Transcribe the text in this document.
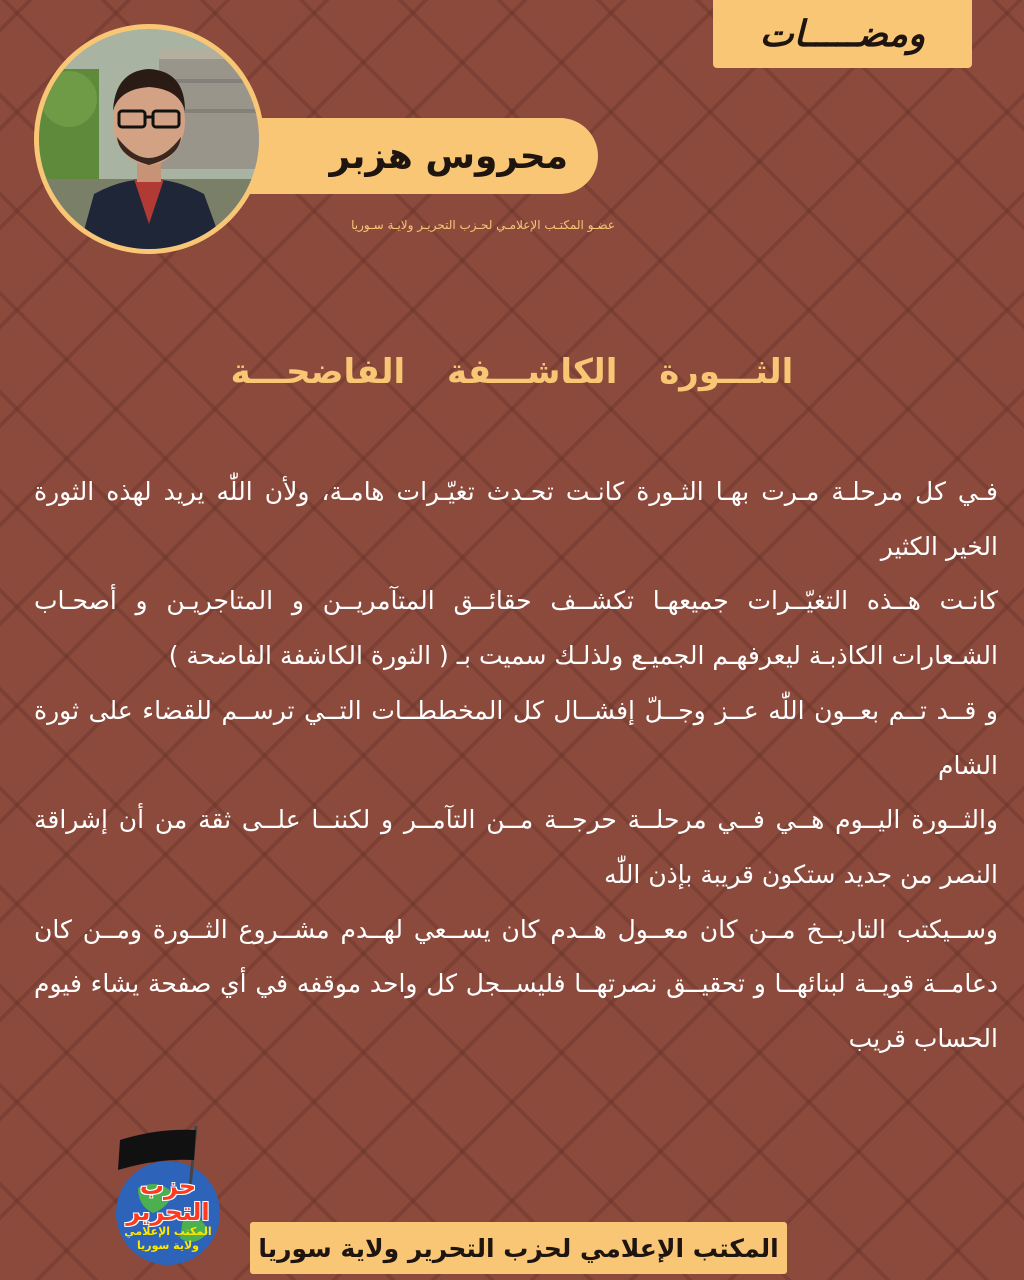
ومضـــــات
محروس هزبر
عضـو المكتـب الإعلامـي لحـزب التحريـر ولايـة سـوريا
الثـــورة الكاشـــفة الفاضحـــة

فـي كل مرحلـة مـرت بهـا الثـورة كانـت تحـدث تغيّـرات هامـة، ولأن اللّٰه يريد لهذه الثورة الخير الكثير

كانـت هــذه التغيّــرات جميعهـا تكشــف حقائــق المتآمريــن و المتاجريـن و أصحـاب الشـعارات الكاذبـة ليعرفهـم الجميـع ولذلـك سميت بـ ( الثورة الكاشفة الفاضحة )

و قــد تــم بعــون اللّٰه عــز وجــلّ إفشــال كل المخططــات التــي ترســم للقضاء على ثورة الشام

والثــورة اليــوم هــي فــي مرحلــة حرجــة مــن التآمــر و لكننــا علــى ثقة من أن إشراقة النصر من جديد ستكون قريبة بإذن اللّٰه

وســيكتب التاريــخ مــن كان معــول هــدم كان يســعي لهــدم مشــروع الثــورة ومــن كان دعامــة قويــة لبنائهــا و تحقيــق نصرتهــا فليســجل كل واحد موقفه في أي صفحة يشاء فيوم الحساب قريب

حزب التحرير
المكتب الإعلامي
ولاية سوريا	المكتب الإعلامي لحزب التحرير ولاية سوريا
